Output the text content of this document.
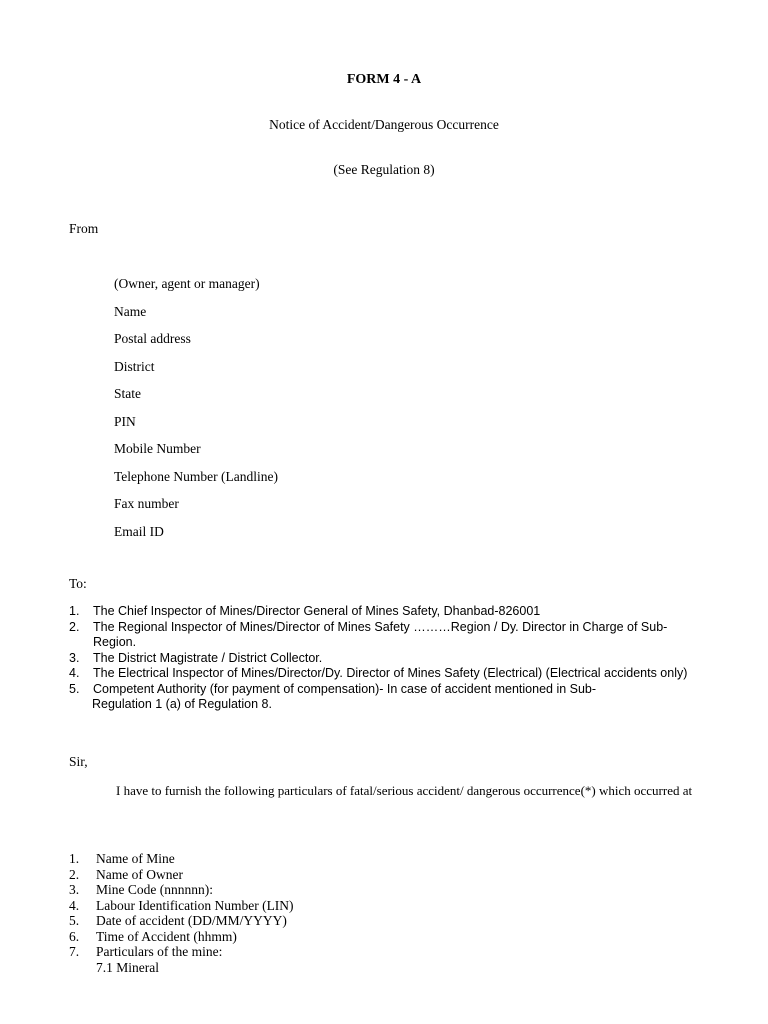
FORM 4 - A
Notice of Accident/Dangerous Occurrence
(See Regulation 8)
From
(Owner, agent or manager)
Name
Postal address
District
State
PIN
Mobile Number
Telephone Number (Landline)
Fax number
Email ID
To:
1.	The Chief Inspector of Mines/Director General of Mines Safety, Dhanbad-826001
2.	The Regional Inspector of Mines/Director of Mines Safety ………Region / Dy. Director in Charge of Sub-Region.
3.	The District Magistrate / District Collector.
4.	The Electrical Inspector of Mines/Director/Dy. Director of Mines Safety (Electrical) (Electrical accidents only)
5.	Competent Authority (for payment of compensation)- In case of accident mentioned in Sub-
Regulation 1 (a) of Regulation 8.
Sir,
I have to furnish the following particulars of fatal/serious accident/ dangerous occurrence(*) which occurred at
1.	Name of Mine
2.	Name of Owner
3.	Mine Code (nnnnnn):
4.	Labour Identification Number (LIN)
5.	Date of accident (DD/MM/YYYY)
6.	Time of Accident (hhmm)
7.	Particulars of the mine:
7.1 Mineral
